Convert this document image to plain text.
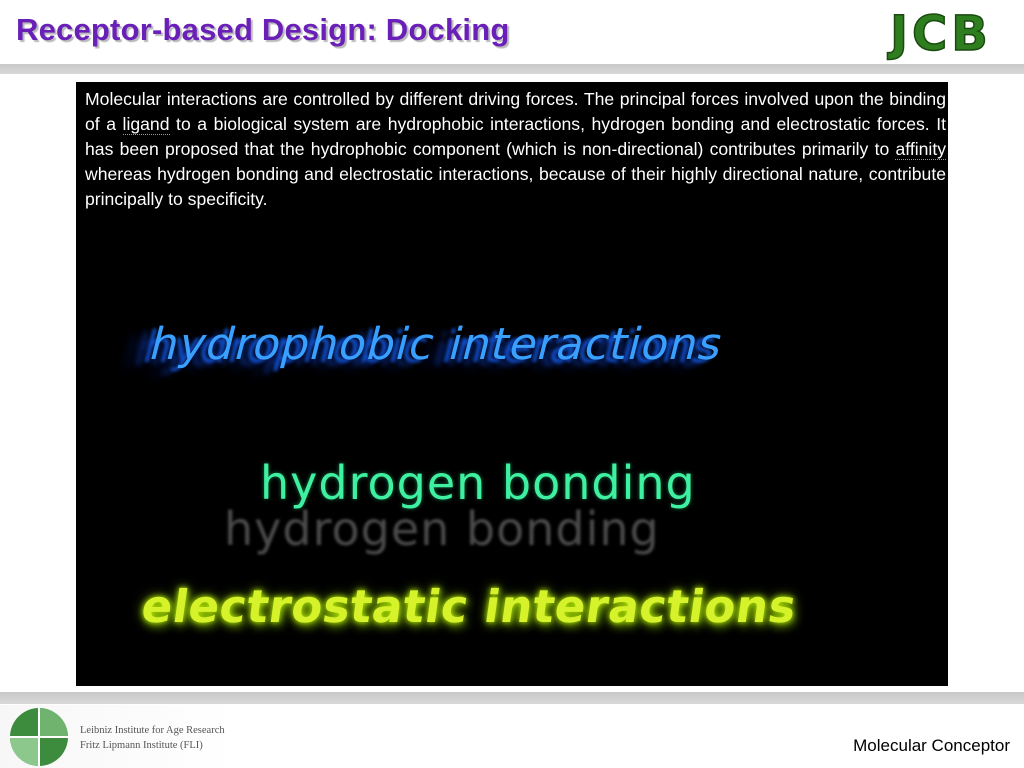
Receptor-based Design: Docking	JCB

Molecular interactions are controlled by different driving forces. The principal forces involved upon the binding of a ligand to a biological system are hydrophobic interactions, hydrogen bonding and electrostatic forces. It has been proposed that the hydrophobic component (which is non-directional) contributes primarily to affinity whereas hydrogen bonding and electrostatic interactions, because of their highly directional nature, contribute principally to specificity.

hydrophobic interactions
hydrogen bonding
hydrogen bonding
electrostatic interactions
Leibniz Institute for Age Research
Fritz Lipmann Institute (FLI)	Molecular Conceptor
